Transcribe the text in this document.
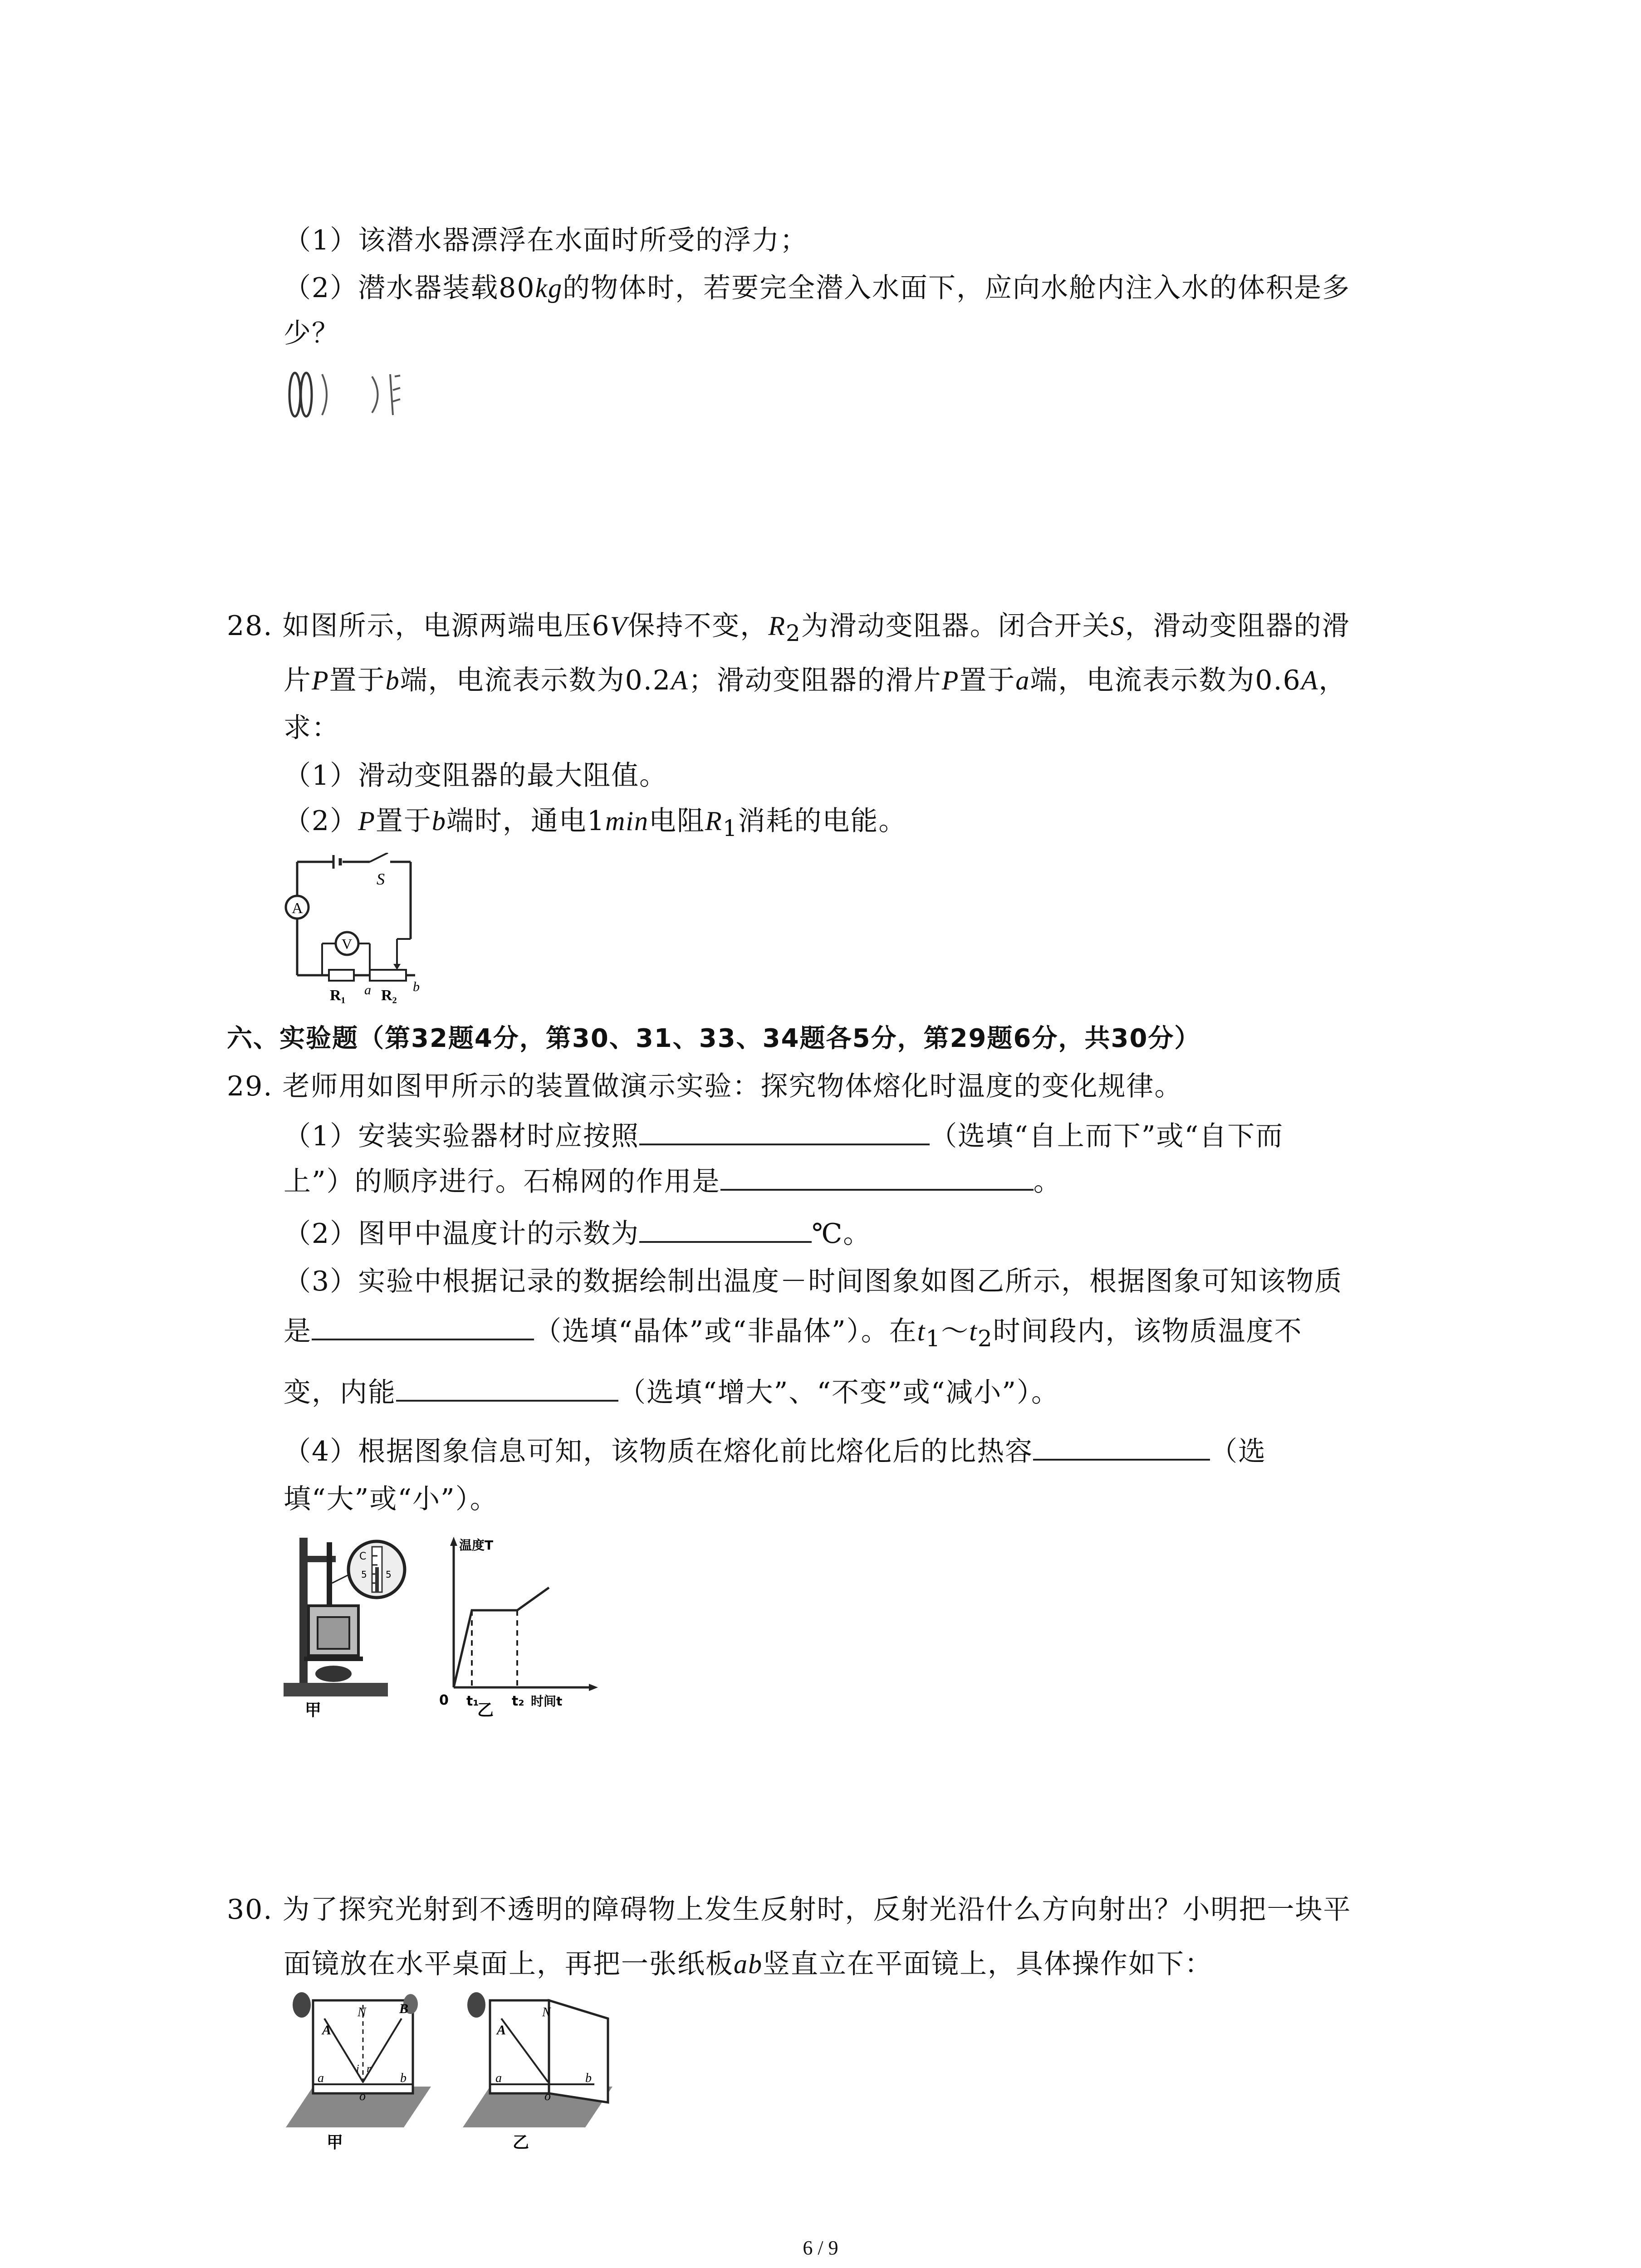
（1）该潜水器漂浮在水面时所受的浮力；
（2）潜水器装载80kg的物体时，若要完全潜入水面下，应向水舱内注入水的体积是多
少？
28. 如图所示，电源两端电压6V保持不变，$R_2$为滑动变阻器。闭合开关S，滑动变阻器的滑
片P置于b端，电流表示数为0.2A；滑动变阻器的滑片P置于a端，电流表示数为0.6A，
求：
（1）滑动变阻器的最大阻值。
（2）P置于b端时，通电1min电阻$R_1$消耗的电能。
S
A
V
R₁ R₂
a	b
六、实验题（第32题4分，第30、31、33、34题各5分，第29题6分，共30分）
29. 老师用如图甲所示的装置做演示实验：探究物体熔化时温度的变化规律。
（1）安装实验器材时应按照	（选填“自上而下”或“自下而
上”）的顺序进行。石棉网的作用是	。
（2）图甲中温度计的示数为	℃。
（3）实验中根据记录的数据绘制出温度－时间图象如图乙所示，根据图象可知该物质
是	（选填“晶体”或“非晶体”）。在$t_1\sim t_2$时间段内，该物质温度不
变，内能	（选填“增大”、“不变”或“减小”）。
（4）根据图象信息可知，该物质在熔化前比熔化后的比热容	（选
填“大”或“小”）。
C
5 5
甲
温度T
0 t₁ t₂ 时间t
乙
30. 为了探究光射到不透明的障碍物上发生反射时，反射光沿什么方向射出？小明把一块平
面镜放在水平桌面上，再把一张纸板ab竖直立在平面镜上，具体操作如下：
A
B
N
i r
a	b
o
甲
A
N
a	b
o
乙
6 / 9
